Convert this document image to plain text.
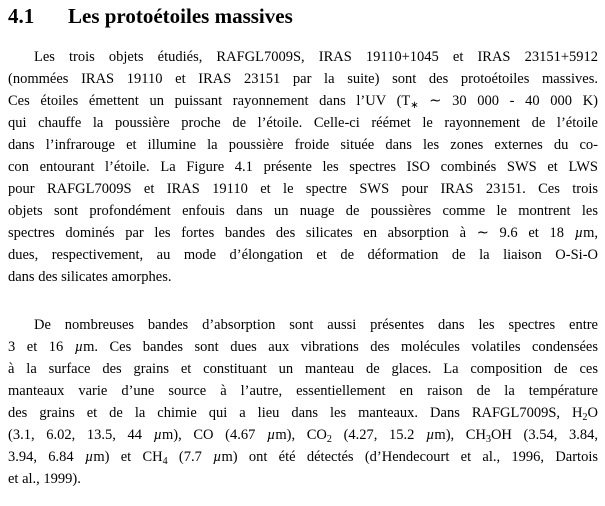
4.1 Les protoétoiles massives
Les trois objets étudiés, RAFGL7009S, IRAS 19110+1045 et IRAS 23151+5912
(nommées IRAS 19110 et IRAS 23151 par la suite) sont des protoétoiles massives.
Ces étoiles émettent un puissant rayonnement dans l’UV ($T_∗$ ∼ 30 000 - 40 000 K)
qui chauffe la poussière proche de l’étoile. Celle-ci réémet le rayonnement de l’étoile
dans l’infrarouge et illumine la poussière froide située dans les zones externes du co-
con entourant l’étoile. La Figure 4.1 présente les spectres ISO combinés SWS et LWS
pour RAFGL7009S et IRAS 19110 et le spectre SWS pour IRAS 23151. Ces trois
objets sont profondément enfouis dans un nuage de poussières comme le montrent les
spectres dominés par les fortes bandes des silicates en absorption à ∼ 9.6 et 18 µm,
dues, respectivement, au mode d’élongation et de déformation de la liaison O-Si-O
dans des silicates amorphes.
De nombreuses bandes d’absorption sont aussi présentes dans les spectres entre
3 et 16 µm. Ces bandes sont dues aux vibrations des molécules volatiles condensées
à la surface des grains et constituant un manteau de glaces. La composition de ces
manteaux varie d’une source à l’autre, essentiellement en raison de la température
des grains et de la chimie qui a lieu dans les manteaux. Dans RAFGL7009S, $H_2O$
(3.1, 6.02, 13.5, 44 µm), CO (4.67 µm), $CO_2$ (4.27, 15.2 µm), $CH_3OH$ (3.54, 3.84,
3.94, 6.84 µm) et $CH_4$ (7.7 µm) ont été détectés (d’Hendecourt et al., 1996, Dartois
et al., 1999).
